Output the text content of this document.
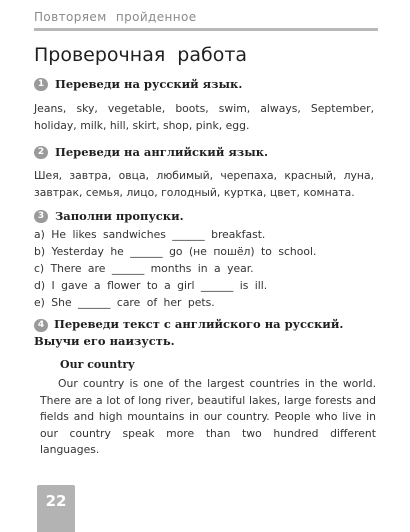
Повторяем пройденное
Проверочная работа
1 Переведи на русский язык.
Jeans, sky, vegetable, boots, swim, always, September, holiday, milk, hill, skirt, shop, pink, egg.
2 Переведи на английский язык.
Шея, завтра, овца, любимый, черепаха, красный, луна, завтрак, семья, лицо, голодный, куртка, цвет, комната.
3 Заполни пропуски.
a) He likes sandwiches ______ breakfast.
b) Yesterday he ______ go (не пошёл) to school.
c) There are ______ months in a year.
d) I gave a flower to a girl ______ is ill.
e) She ______ care of her pets.
4 Переведи текст с английского на русский. Выучи его наизусть.
Our country
Our country is one of the largest countries in the world. There are a lot of long river, beautiful lakes, large forests and fields and high mountains in our country. People who live in our country speak more than two hundred different languages.
22
